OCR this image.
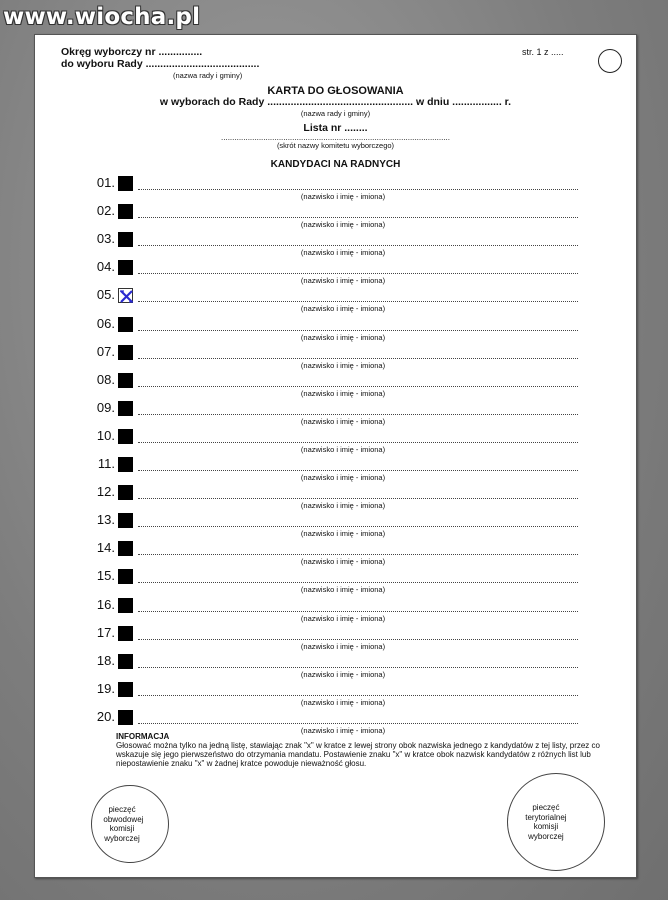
Okręg wyborczy nr ...............
do wyboru Rady .......................................
(nazwa rady i gminy)
str. 1 z .....
KARTA DO GŁOSOWANIA
w wyborach do Rady .................................................. w dniu ................. r.
(nazwa rady i gminy)
Lista nr ........
.......................................................................................................
(skrót nazwy komitetu wyborczego)
KANDYDACI NA RADNYCH
01.
(nazwisko i imię - imiona)
02.
(nazwisko i imię - imiona)
03.
(nazwisko i imię - imiona)
04.
(nazwisko i imię - imiona)
05.
(nazwisko i imię - imiona)
06.
(nazwisko i imię - imiona)
07.
(nazwisko i imię - imiona)
08.
(nazwisko i imię - imiona)
09.
(nazwisko i imię - imiona)
10.
(nazwisko i imię - imiona)
11.
(nazwisko i imię - imiona)
12.
(nazwisko i imię - imiona)
13.
(nazwisko i imię - imiona)
14.
(nazwisko i imię - imiona)
15.
(nazwisko i imię - imiona)
16.
(nazwisko i imię - imiona)
17.
(nazwisko i imię - imiona)
18.
(nazwisko i imię - imiona)
19.
(nazwisko i imię - imiona)
20.
(nazwisko i imię - imiona)
INFORMACJA
Głosować można tylko na jedną listę, stawiając znak "x" w kratce z lewej strony obok nazwiska jednego z kandydatów z tej listy, przez co
wskazuje się jego pierwszeństwo do otrzymania mandatu. Postawienie znaku "x" w kratce obok nazwisk kandydatów z różnych list lub
niepostawienie znaku "x" w żadnej kratce powoduje nieważność głosu.
pieczęć
obwodowej
komisji
wyborczej
pieczęć
terytorialnej
komisji
wyborczej
www.wiocha.pl
